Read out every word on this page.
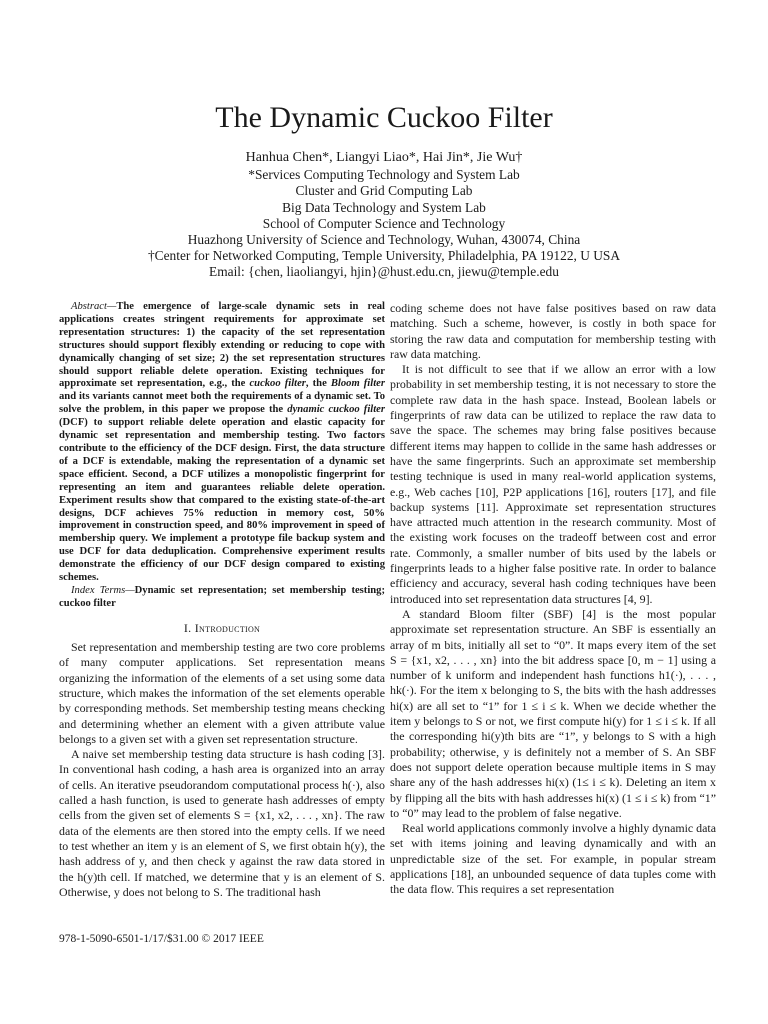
The Dynamic Cuckoo Filter
Hanhua Chen*, Liangyi Liao*, Hai Jin*, Jie Wu†
*Services Computing Technology and System Lab
Cluster and Grid Computing Lab
Big Data Technology and System Lab
School of Computer Science and Technology
Huazhong University of Science and Technology, Wuhan, 430074, China
†Center for Networked Computing, Temple University, Philadelphia, PA 19122, U USA
Email: {chen, liaoliangyi, hjin}@hust.edu.cn, jiewu@temple.edu

Abstract—The emergence of large-scale dynamic sets in real applications creates stringent requirements for approximate set representation structures: 1) the capacity of the set representation structures should support flexibly extending or reducing to cope with dynamically changing of set size; 2) the set representation structures should support reliable delete operation. Existing techniques for approximate set representation, e.g., the cuckoo filter, the Bloom filter and its variants cannot meet both the requirements of a dynamic set. To solve the problem, in this paper we propose the dynamic cuckoo filter (DCF) to support reliable delete operation and elastic capacity for dynamic set representation and membership testing. Two factors contribute to the efficiency of the DCF design. First, the data structure of a DCF is extendable, making the representation of a dynamic set space efficient. Second, a DCF utilizes a monopolistic fingerprint for representing an item and guarantees reliable delete operation. Experiment results show that compared to the existing state-of-the-art designs, DCF achieves 75% reduction in memory cost, 50% improvement in construction speed, and 80% improvement in speed of membership query. We implement a prototype file backup system and use DCF for data deduplication. Comprehensive experiment results demonstrate the efficiency of our DCF design compared to existing schemes.

Index Terms—Dynamic set representation; set membership testing; cuckoo filter

I. Introduction

Set representation and membership testing are two core problems of many computer applications. Set representation means organizing the information of the elements of a set using some data structure, which makes the information of the set elements operable by corresponding methods. Set membership testing means checking and determining whether an element with a given attribute value belongs to a given set with a given set representation structure.

A naive set membership testing data structure is hash coding [3]. In conventional hash coding, a hash area is organized into an array of cells. An iterative pseudorandom computational process h(·), also called a hash function, is used to generate hash addresses of empty cells from the given set of elements S = {x1, x2, . . . , xn}. The raw data of the elements are then stored into the empty cells. If we need to test whether an item y is an element of S, we first obtain h(y), the hash address of y, and then check y against the raw data stored in the h(y)th cell. If matched, we determine that y is an element of S. Otherwise, y does not belong to S. The traditional hash

coding scheme does not have false positives based on raw data matching. Such a scheme, however, is costly in both space for storing the raw data and computation for membership testing with raw data matching.

It is not difficult to see that if we allow an error with a low probability in set membership testing, it is not necessary to store the complete raw data in the hash space. Instead, Boolean labels or fingerprints of raw data can be utilized to replace the raw data to save the space. The schemes may bring false positives because different items may happen to collide in the same hash addresses or have the same fingerprints. Such an approximate set membership testing technique is used in many real-world application systems, e.g., Web caches [10], P2P applications [16], routers [17], and file backup systems [11]. Approximate set representation structures have attracted much attention in the research community. Most of the existing work focuses on the tradeoff between cost and error rate. Commonly, a smaller number of bits used by the labels or fingerprints leads to a higher false positive rate. In order to balance efficiency and accuracy, several hash coding techniques have been introduced into set representation data structures [4, 9].

A standard Bloom filter (SBF) [4] is the most popular approximate set representation structure. An SBF is essentially an array of m bits, initially all set to “0”. It maps every item of the set S = {x1, x2, . . . , xn} into the bit address space [0, m − 1] using a number of k uniform and independent hash functions h1(·), . . . , hk(·). For the item x belonging to S, the bits with the hash addresses hi(x) are all set to “1” for 1 ≤ i ≤ k. When we decide whether the item y belongs to S or not, we first compute hi(y) for 1 ≤ i ≤ k. If all the corresponding hi(y)th bits are “1”, y belongs to S with a high probability; otherwise, y is definitely not a member of S. An SBF does not support delete operation because multiple items in S may share any of the hash addresses hi(x) (1≤ i ≤ k). Deleting an item x by flipping all the bits with hash addresses hi(x) (1 ≤ i ≤ k) from “1” to “0” may lead to the problem of false negative.

Real world applications commonly involve a highly dynamic data set with items joining and leaving dynamically and with an unpredictable size of the set. For example, in popular stream applications [18], an unbounded sequence of data tuples come with the data flow. This requires a set representation

978-1-5090-6501-1/17/$31.00 © 2017 IEEE
